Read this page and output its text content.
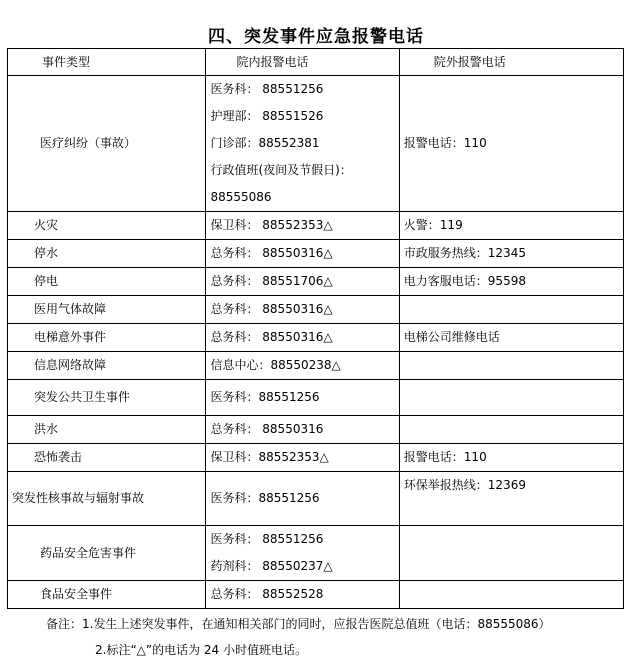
四、突发事件应急报警电话
事件类型	院内报警电话	院外报警电话
医疗纠纷（事故）	医务科： 88551256
护理部： 88551526
门诊部：88552381
行政值班(夜间及节假日)：
88555086	报警电话：110
火灾	保卫科： 88552353△	火警：119
停水	总务科： 88550316△	市政服务热线：12345
停电	总务科： 88551706△	电力客服电话：95598
医用气体故障	总务科： 88550316△	
电梯意外事件	总务科： 88550316△	电梯公司维修电话
信息网络故障	信息中心：88550238△	
突发公共卫生事件	医务科：88551256	
洪水	总务科： 88550316	
恐怖袭击	保卫科：88552353△	报警电话：110
突发性核事故与辐射事故	医务科：88551256	环保举报热线：12369
药品安全危害事件	医务科： 88551256
药剂科： 88550237△	

食品安全事件	总务科： 88552528	
备注：1.发生上述突发事件，在通知相关部门的同时，应报告医院总值班（电话：88555086）
2.标注“△”的电话为 24 小时值班电话。
